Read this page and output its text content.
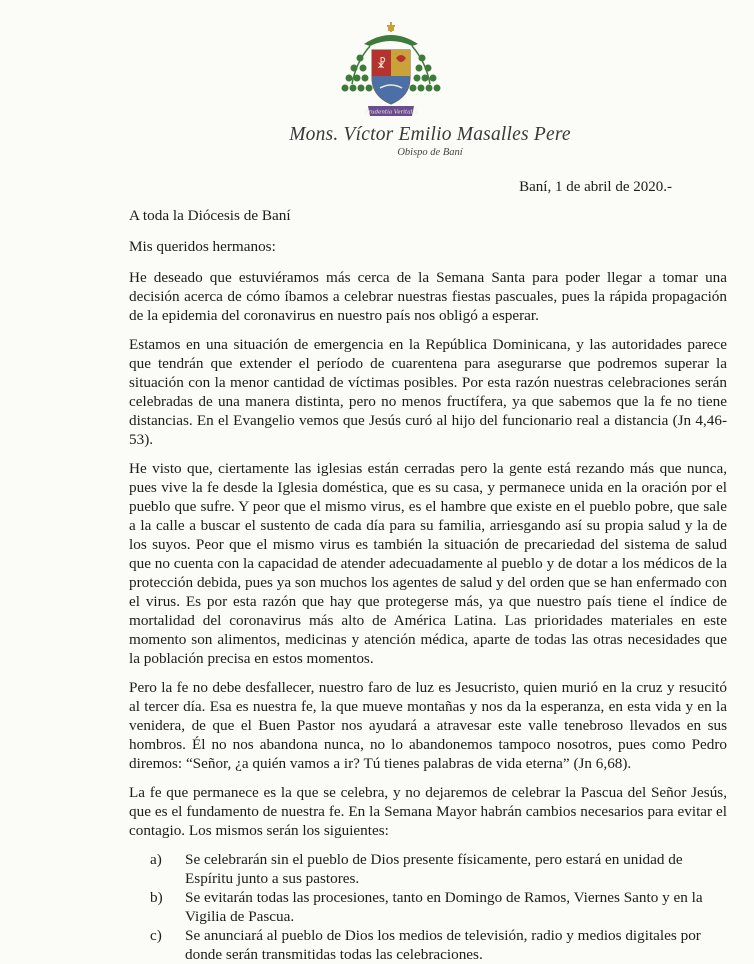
☧
Prudentia Veritatis
Mons. Víctor Emilio Masalles Pere
Obispo de Baní
Baní, 1 de abril de 2020.-

A toda la Diócesis de Baní

Mis queridos hermanos:

He deseado que estuviéramos más cerca de la Semana Santa para poder llegar a tomar una decisión acerca de cómo íbamos a celebrar nuestras fiestas pascuales, pues la rápida propagación de la epidemia del coronavirus en nuestro país nos obligó a esperar.

Estamos en una situación de emergencia en la República Dominicana, y las autoridades parece que tendrán que extender el período de cuarentena para asegurarse que podremos superar la situación con la menor cantidad de víctimas posibles. Por esta razón nuestras celebraciones serán celebradas de una manera distinta, pero no menos fructífera, ya que sabemos que la fe no tiene distancias. En el Evangelio vemos que Jesús curó al hijo del funcionario real a distancia (Jn 4,46-53).

He visto que, ciertamente las iglesias están cerradas pero la gente está rezando más que nunca, pues vive la fe desde la Iglesia doméstica, que es su casa, y permanece unida en la oración por el pueblo que sufre. Y peor que el mismo virus, es el hambre que existe en el pueblo pobre, que sale a la calle a buscar el sustento de cada día para su familia, arriesgando así su propia salud y la de los suyos. Peor que el mismo virus es también la situación de precariedad del sistema de salud que no cuenta con la capacidad de atender adecuadamente al pueblo y de dotar a los médicos de la protección debida, pues ya son muchos los agentes de salud y del orden que se han enfermado con el virus. Es por esta razón que hay que protegerse más, ya que nuestro país tiene el índice de mortalidad del coronavirus más alto de América Latina. Las prioridades materiales en este momento son alimentos, medicinas y atención médica, aparte de todas las otras necesidades que la población precisa en estos momentos.

Pero la fe no debe desfallecer, nuestro faro de luz es Jesucristo, quien murió en la cruz y resucitó al tercer día. Esa es nuestra fe, la que mueve montañas y nos da la esperanza, en esta vida y en la venidera, de que el Buen Pastor nos ayudará a atravesar este valle tenebroso llevados en sus hombros. Él no nos abandona nunca, no lo abandonemos tampoco nosotros, pues como Pedro diremos: “Señor, ¿a quién vamos a ir? Tú tienes palabras de vida eterna” (Jn 6,68).

La fe que permanece es la que se celebra, y no dejaremos de celebrar la Pascua del Señor Jesús, que es el fundamento de nuestra fe. En la Semana Mayor habrán cambios necesarios para evitar el contagio. Los mismos serán los siguientes:

a)	Se celebrarán sin el pueblo de Dios presente físicamente, pero estará en unidad de Espíritu junto a sus pastores.
b)	Se evitarán todas las procesiones, tanto en Domingo de Ramos, Viernes Santo y en la Vigilia de Pascua.
c)	Se anunciará al pueblo de Dios los medios de televisión, radio y medios digitales por donde serán transmitidas todas las celebraciones.
